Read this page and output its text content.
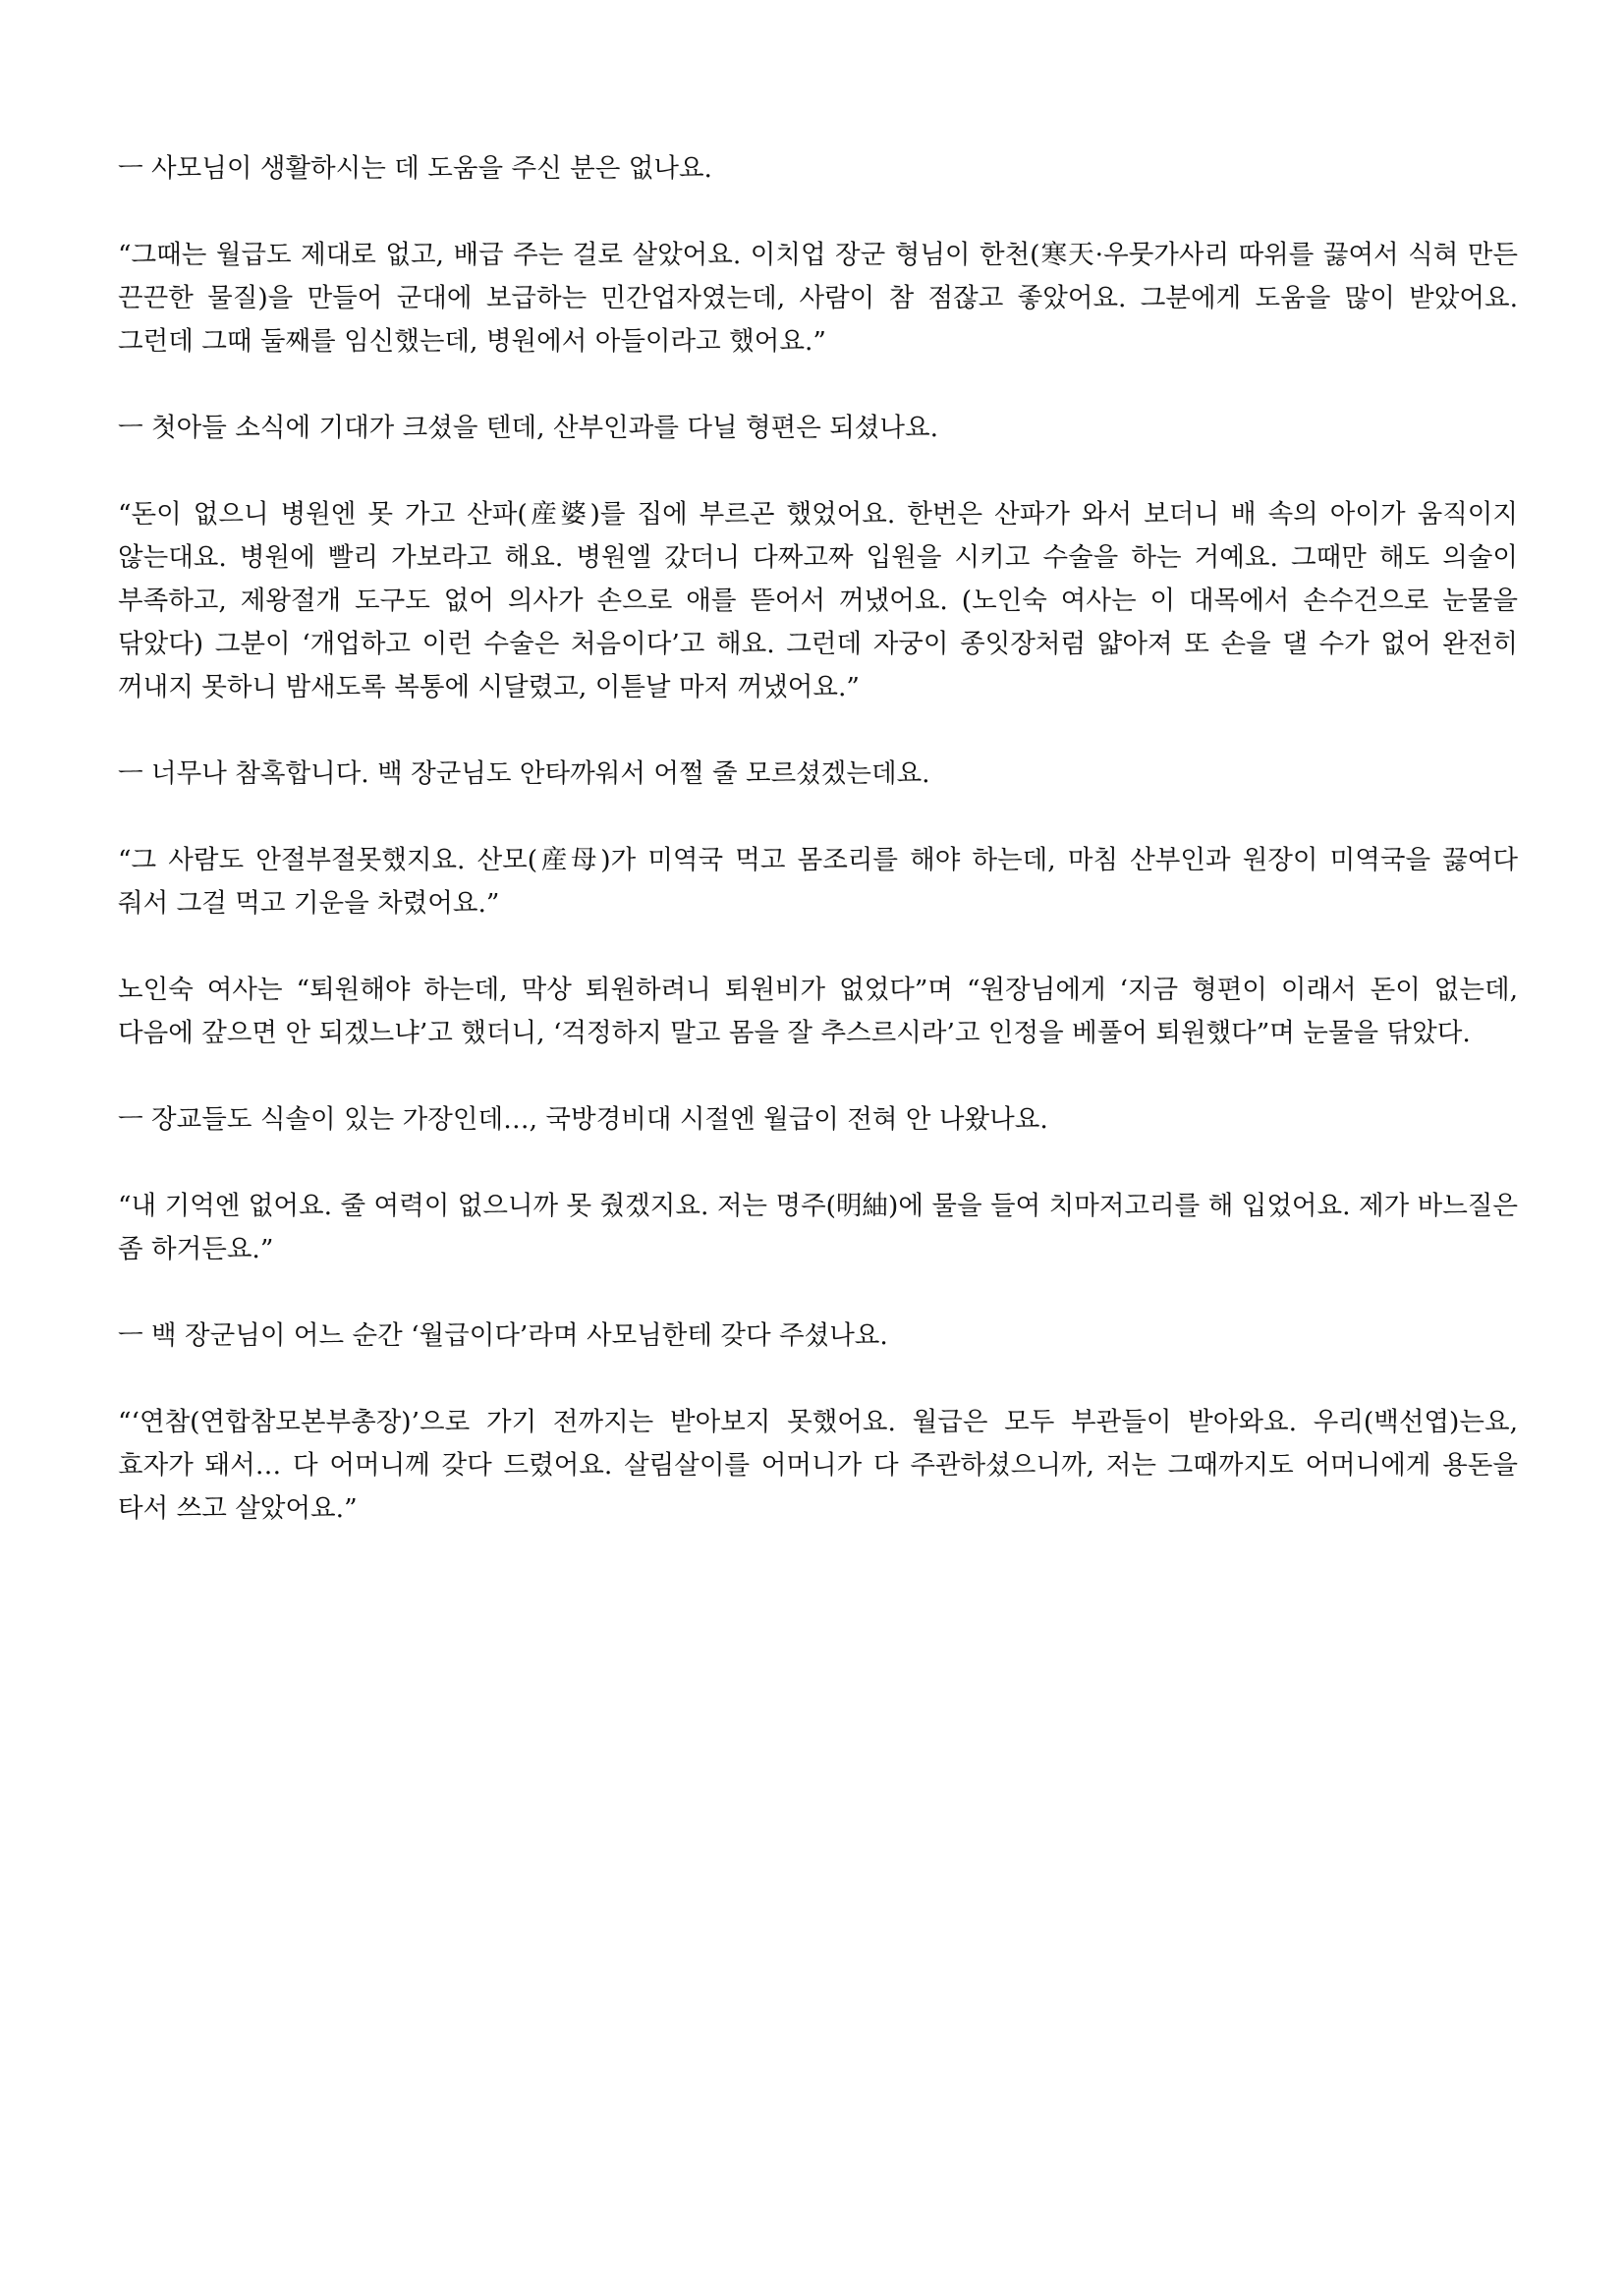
ㅡ 사모님이 생활하시는 데 도움을 주신 분은 없나요.

“그때는 월급도 제대로 없고, 배급 주는 걸로 살았어요. 이치업 장군 형님이 한천(寒天·우뭇가사리 따위를 끓여서 식혀 만든 끈끈한 물질)을 만들어 군대에 보급하는 민간업자였는데, 사람이 참 점잖고 좋았어요. 그분에게 도움을 많이 받았어요. 그런데 그때 둘째를 임신했는데, 병원에서 아들이라고 했어요.”

ㅡ 첫아들 소식에 기대가 크셨을 텐데, 산부인과를 다닐 형편은 되셨나요.

“돈이 없으니 병원엔 못 가고 산파(産婆)를 집에 부르곤 했었어요. 한번은 산파가 와서 보더니 배 속의 아이가 움직이지 않는대요. 병원에 빨리 가보라고 해요. 병원엘 갔더니 다짜고짜 입원을 시키고 수술을 하는 거예요. 그때만 해도 의술이 부족하고, 제왕절개 도구도 없어 의사가 손으로 애를 뜯어서 꺼냈어요. (노인숙 여사는 이 대목에서 손수건으로 눈물을 닦았다) 그분이 ‘개업하고 이런 수술은 처음이다’고 해요. 그런데 자궁이 종잇장처럼 얇아져 또 손을 댈 수가 없어 완전히 꺼내지 못하니 밤새도록 복통에 시달렸고, 이튿날 마저 꺼냈어요.”

ㅡ 너무나 참혹합니다. 백 장군님도 안타까워서 어쩔 줄 모르셨겠는데요.

“그 사람도 안절부절못했지요. 산모(産母)가 미역국 먹고 몸조리를 해야 하는데, 마침 산부인과 원장이 미역국을 끓여다 줘서 그걸 먹고 기운을 차렸어요.”

노인숙 여사는 “퇴원해야 하는데, 막상 퇴원하려니 퇴원비가 없었다”며 “원장님에게 ‘지금 형편이 이래서 돈이 없는데, 다음에 갚으면 안 되겠느냐’고 했더니, ‘걱정하지 말고 몸을 잘 추스르시라’고 인정을 베풀어 퇴원했다”며 눈물을 닦았다.

ㅡ 장교들도 식솔이 있는 가장인데…, 국방경비대 시절엔 월급이 전혀 안 나왔나요.

“내 기억엔 없어요. 줄 여력이 없으니까 못 줬겠지요. 저는 명주(明紬)에 물을 들여 치마저고리를 해 입었어요. 제가 바느질은 좀 하거든요.”

ㅡ 백 장군님이 어느 순간 ‘월급이다’라며 사모님한테 갖다 주셨나요.

“‘연참(연합참모본부총장)’으로 가기 전까지는 받아보지 못했어요. 월급은 모두 부관들이 받아와요. 우리(백선엽)는요, 효자가 돼서… 다 어머니께 갖다 드렸어요. 살림살이를 어머니가 다 주관하셨으니까, 저는 그때까지도 어머니에게 용돈을 타서 쓰고 살았어요.”
